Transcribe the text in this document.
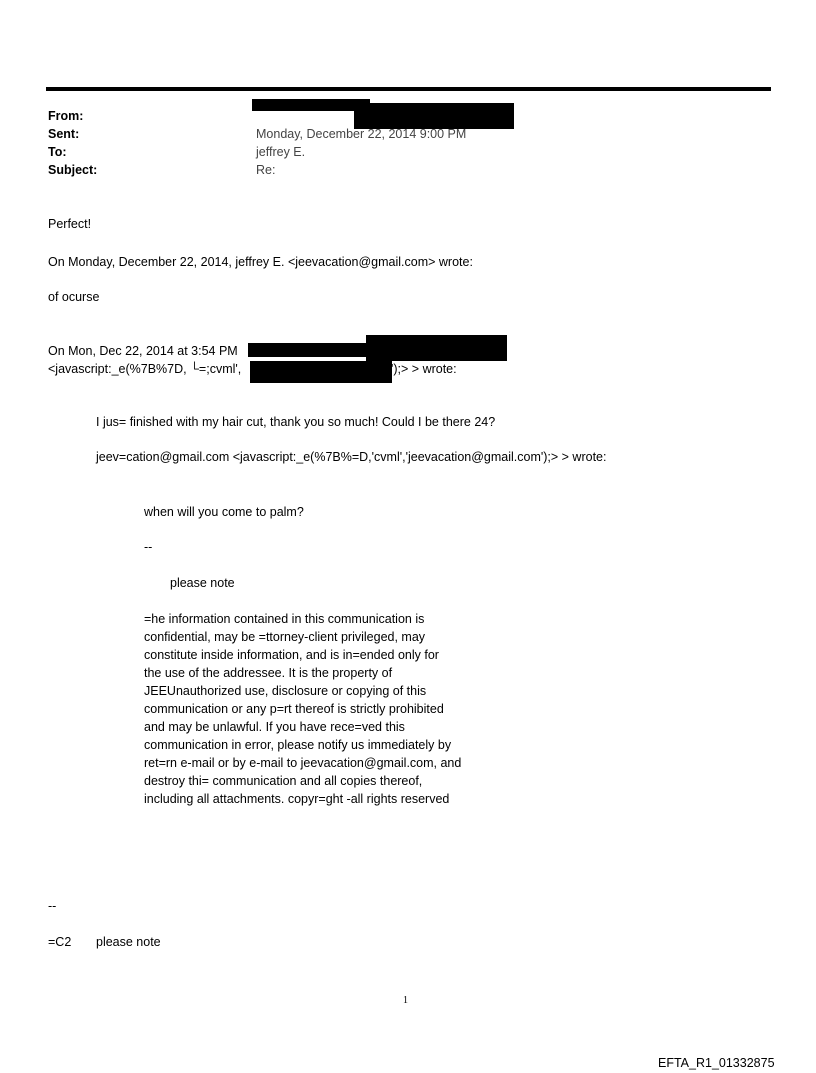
From:
Sent:
To:
Subject:
Monday, December 22, 2014 9:00 PM
jeffrey E.
Re:
Perfect!
On Monday, December 22, 2014, jeffrey E. <jeevacation@gmail.com> wrote:
of ocurse
On Mon, Dec 22, 2014 at 3:54 PM
<javascript:_e(%7B%7D, └=;cvml',	');> > wrote:
I jus= finished with my hair cut, thank you so much! Could I be there 24?
jeev=cation@gmail.com <javascript:_e(%7B%=D,'cvml','jeevacation@gmail.com');> > wrote:
when will you come to palm?
--
please note
=he information contained in this communication is
confidential, may be =ttorney-client privileged, may
constitute inside information, and is in=ended only for
the use of the addressee. It is the property of
JEEUnauthorized use, disclosure or copying of this
communication or any p=rt thereof is strictly prohibited
and may be unlawful. If you have rece=ved this
communication in error, please notify us immediately by
ret=rn e-mail or by e-mail to jeevacation@gmail.com, and
destroy thi= communication and all copies thereof,
including all attachments. copyr=ght -all rights reserved
--
=C2 please note
1
EFTA_R1_01332875
